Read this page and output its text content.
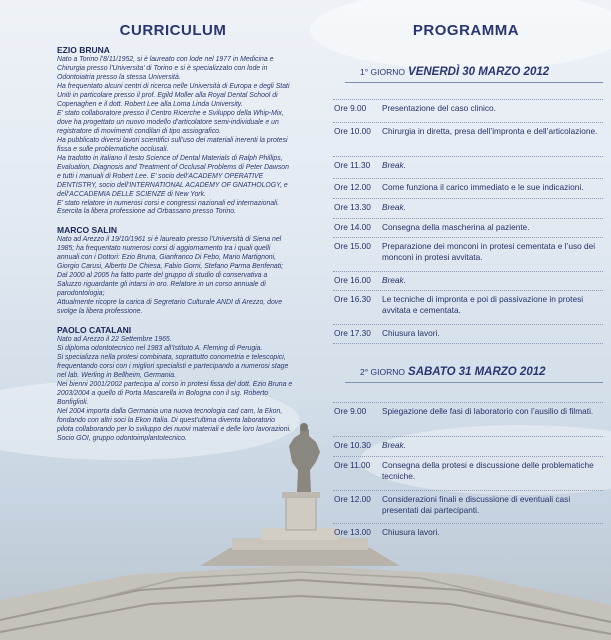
CURRICULUM
EZIO BRUNA

Nato a Torino l’8/11/1952, si è laureato con lode nel 1977 in Medicina e Chirurgia presso l’Universita’ di Torino e si è specializzato con lode in Odontoiatria presso la stessa Università.

Ha frequentato alcuni centri di ricerca nelle Università di Europa e degli Stati Uniti in particolare presso il prof. Egild Moller alla Royal Dental School di Copenaghen e il dott. Robert Lee alla Loma Linda University.

E’ stato collaboratore presso il Centro Ricerche e Sviluppo della Whip-Mix, dove ha progettato un nuovo modello d’articolatore semi-individuale e un registratore di movimenti condilari di tipo assiografico.

Ha pubblicato diversi lavori scientifici sull’uso dei materiali inerenti la protesi fissa e sulle problematiche occlusali.

Ha tradotto in italiano il testo Science of Dental Materials di Ralph Phillips, Evaluation, Diagnosis and Treatment of Occlusal Problems di Peter Dawson e tutti i manuali di Robert Lee. E’ socio dell’ACADEMY OPERATIVE DENTISTRY, socio dell’INTERNATIONAL ACADEMY OF GNATHOLOGY, e dell’ACCADEMIA DELLE SCIENZE di New York.

E’ stato relatore in numerosi corsi e congressi nazionali ed internazionali. Esercita la libera professione ad Orbassano presso Torino.

MARCO SALIN

Nato ad Arezzo il 19/10/1961 si è laureato presso l’Università di Siena nel 1985; ha frequentato numerosi corsi di aggiornamento tra i quali quelli annuali con i Dottori: Ezio Bruna, Gianfranco Di Febo, Mario Martignoni, Giorgio Carusi, Alberto De Chiesa, Fabio Gorni, Stefano Parma Benfenati; Dal 2000 al 2005 ha fatto parte del gruppo di studio di conservativa a Saluzzo riguardante gli intarsi in oro. Relatore in un corso annuale di parodontologia;

Attualmente ricopre la carica di Segretario Culturale ANDI di Arezzo, dove svolge la libera professione.

PAOLO CATALANI

Nato ad Arezzo il 22 Settembre 1965.

Si diploma odontotecnico nel 1983 all’Istituto A. Fleming di Perugia.

Si specializza nella protesi combinata, soprattutto conometria e telescopici, frequentando corsi con i migliori specialisti e partecipando a numerosi stage nel lab. Werling in Bellheim, Germania.

Nei bienni 2001/2002 partecipa al corso in protesi fissa del dott. Ezio Bruna e 2003/2004 a quello di Porta Mascarella in Bologna con il sig. Roberto Bonfiglioli.

Nel 2004 importa dalla Germania una nuova tecnologia cad cam, la Ekon, fondando con altri soci la Ekon Italia. Di quest’ultima diventa laboratorio pilota collaborando per lo sviluppo dei nuovi materiali e delle loro lavorazioni. Socio GOI, gruppo odontoimplantotecnico.

PROGRAMMA
1° GIORNO VENERDÌ 30 MARZO 2012
Ore 9.00	Presentazione del caso clinico.
Ore 10.00	Chirurgia in diretta, presa dell’impronta e dell’articolazione.
Ore 11.30	Break.
Ore 12.00	Come funziona il carico immediato e le sue indicazioni.
Ore 13.30	Break.
Ore 14.00	Consegna della mascherina al paziente.
Ore 15.00	Preparazione dei monconi in protesi cementata e l’uso dei monconi in protesi avvitata.
Ore 16.00	Break.
Ore 16.30	Le tecniche di impronta e poi di passivazione in protesi avvitata e cementata.
Ore 17.30	Chiusura lavori.
2° GIORNO SABATO 31 MARZO 2012
Ore 9.00	Spiegazione delle fasi di laboratorio con l’ausilio di filmati.
Ore 10.30	Break.
Ore 11.00	Consegna della protesi e discussione delle problematiche tecniche.
Ore 12.00	Considerazioni finali e discussione di eventuali casi presentati dai partecipanti.
Ore 13.00	Chiusura lavori.
